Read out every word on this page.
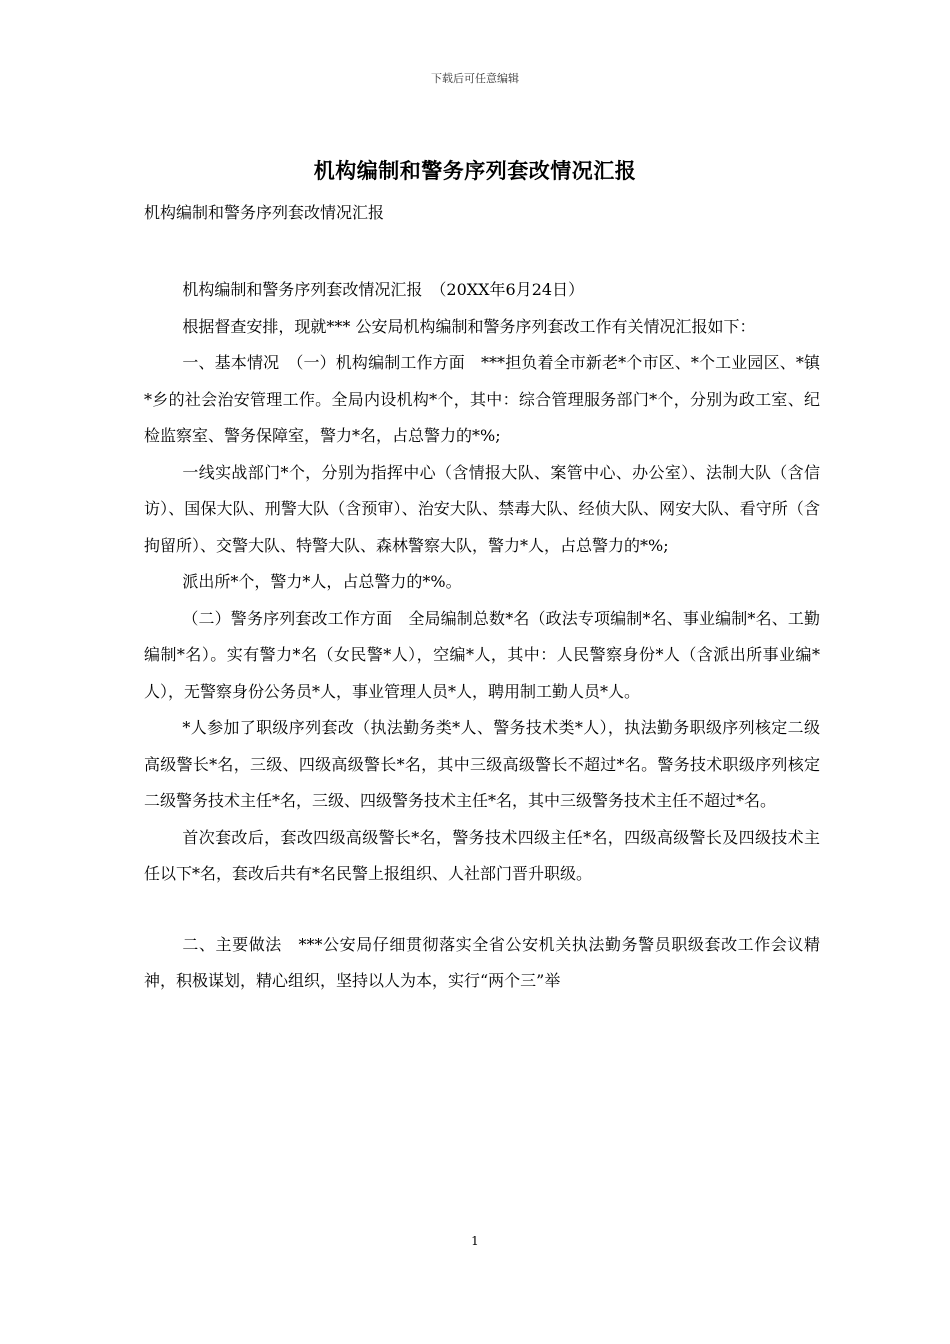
下载后可任意编辑
机构编制和警务序列套改情况汇报
机构编制和警务序列套改情况汇报

机构编制和警务序列套改情况汇报　（20XX年6月24日）

根据督查安排，现就*** 公安局机构编制和警务序列套改工作有关情况汇报如下：

一、基本情况　（一）机构编制工作方面　***担负着全市新老*个市区、*个工业园区、*镇*乡的社会治安管理工作。全局内设机构*个，其中：综合管理服务部门*个，分别为政工室、纪检监察室、警务保障室，警力*名，占总警力的*%;

一线实战部门*个，分别为指挥中心（含情报大队、案管中心、办公室）、法制大队（含信访）、国保大队、刑警大队（含预审）、治安大队、禁毒大队、经侦大队、网安大队、看守所（含拘留所）、交警大队、特警大队、森林警察大队，警力*人，占总警力的*%;

派出所*个，警力*人，占总警力的*%。

（二）警务序列套改工作方面　全局编制总数*名（政法专项编制*名、事业编制*名、工勤编制*名）。实有警力*名（女民警*人），空编*人，其中：人民警察身份*人（含派出所事业编*人），无警察身份公务员*人，事业管理人员*人，聘用制工勤人员*人。

*人参加了职级序列套改（执法勤务类*人、警务技术类*人），执法勤务职级序列核定二级高级警长*名，三级、四级高级警长*名，其中三级高级警长不超过*名。警务技术职级序列核定二级警务技术主任*名，三级、四级警务技术主任*名，其中三级警务技术主任不超过*名。

首次套改后，套改四级高级警长*名，警务技术四级主任*名，四级高级警长及四级技术主任以下*名，套改后共有*名民警上报组织、人社部门晋升职级。

二、主要做法　***公安局仔细贯彻落实全省公安机关执法勤务警员职级套改工作会议精神，积极谋划，精心组织，坚持以人为本，实行“两个三”举

1
